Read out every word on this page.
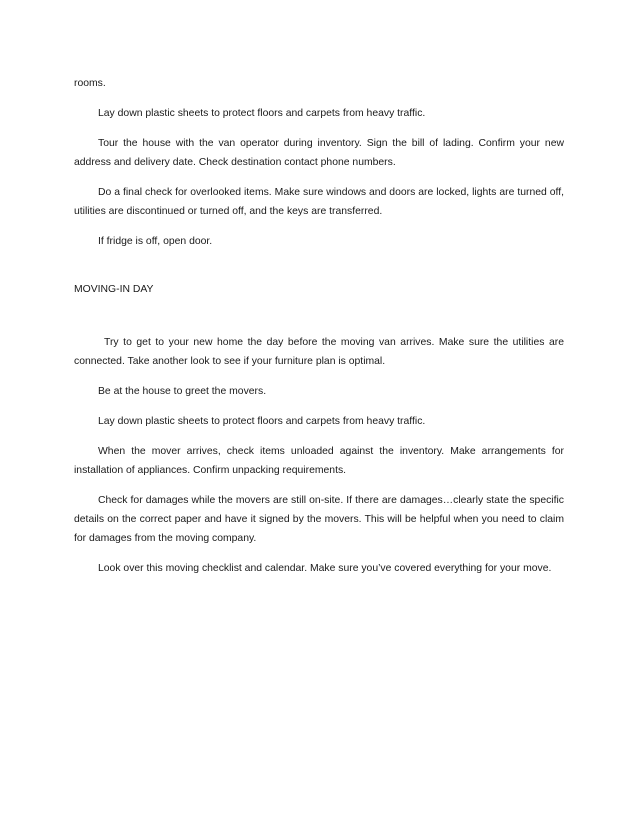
rooms.

Lay down plastic sheets to protect floors and carpets from heavy traffic.

Tour the house with the van operator during inventory. Sign the bill of lading. Confirm your new address and delivery date. Check destination contact phone numbers.

Do a final check for overlooked items. Make sure windows and doors are locked, lights are turned off, utilities are discontinued or turned off, and the keys are transferred.

If fridge is off, open door.

MOVING-IN DAY

Try to get to your new home the day before the moving van arrives. Make sure the utilities are connected. Take another look to see if your furniture plan is optimal.

Be at the house to greet the movers.

Lay down plastic sheets to protect floors and carpets from heavy traffic.

When the mover arrives, check items unloaded against the inventory. Make arrangements for installation of appliances. Confirm unpacking requirements.

Check for damages while the movers are still on-site. If there are damages…clearly state the specific details on the correct paper and have it signed by the movers. This will be helpful when you need to claim for damages from the moving company.

Look over this moving checklist and calendar. Make sure you’ve covered everything for your move.
